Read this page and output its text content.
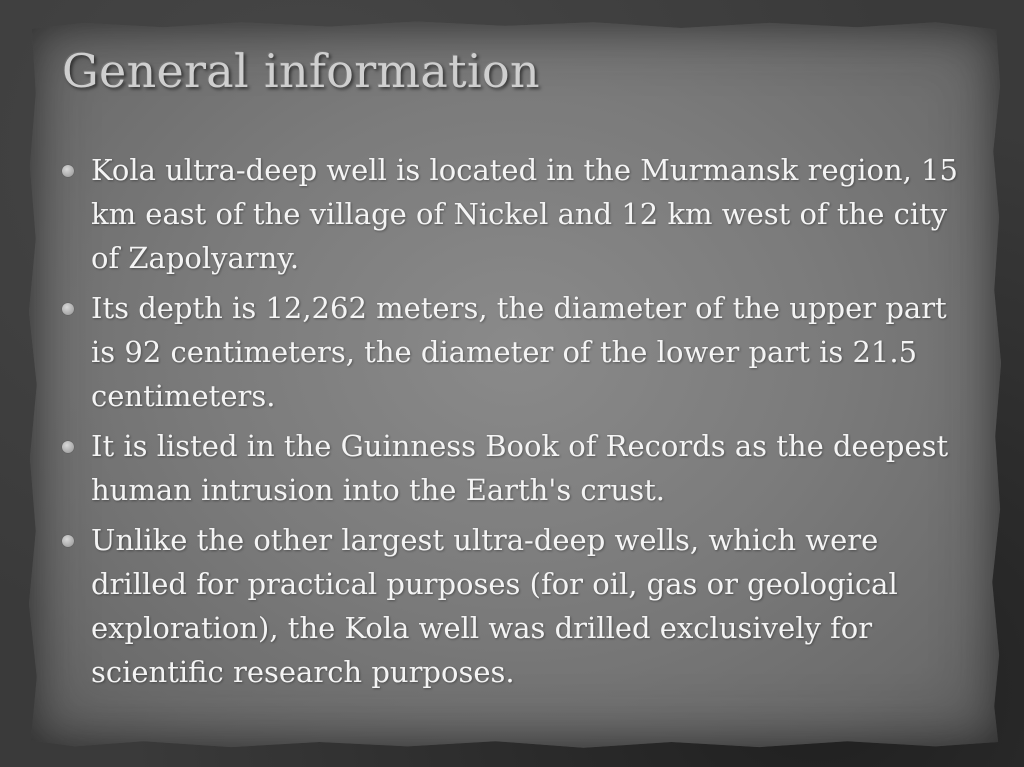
General information
Kola ultra-deep well is located in the Murmansk region, 15 km east of the village of Nickel and 12 km west of the city of Zapolyarny.
Its depth is 12,262 meters, the diameter of the upper part is 92 centimeters, the diameter of the lower part is 21.5 centimeters.
It is listed in the Guinness Book of Records as the deepest human intrusion into the Earth's crust.
Unlike the other largest ultra-deep wells, which were drilled for practical purposes (for oil, gas or geological exploration), the Kola well was drilled exclusively for scientific research purposes.
